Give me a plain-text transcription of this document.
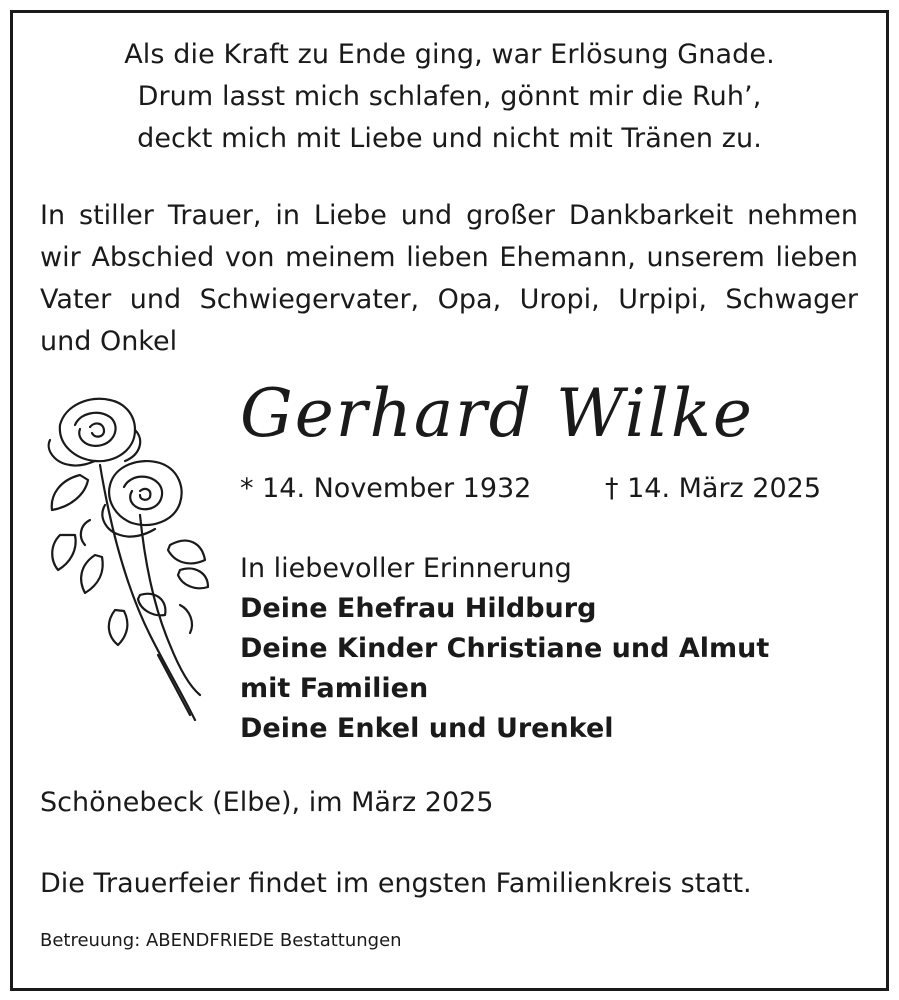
Als die Kraft zu Ende ging, war Erlösung Gnade.
Drum lasst mich schlafen, gönnt mir die Ruh’,
deckt mich mit Liebe und nicht mit Tränen zu.
In stiller Trauer, in Liebe und großer Dankbarkeit nehmen
wir Abschied von meinem lieben Ehemann, unserem lieben
Vater und Schwiegervater, Opa, Uropi, Urpipi, Schwager
und Onkel
Gerhard Wilke
* 14. November 1932	† 14. März 2025
In liebevoller Erinnerung
Deine Ehefrau Hildburg
Deine Kinder Christiane und Almut
mit Familien
Deine Enkel und Urenkel
Schönebeck (Elbe), im März 2025
Die Trauerfeier findet im engsten Familienkreis statt.
Betreuung: ABENDFRIEDE Bestattungen
